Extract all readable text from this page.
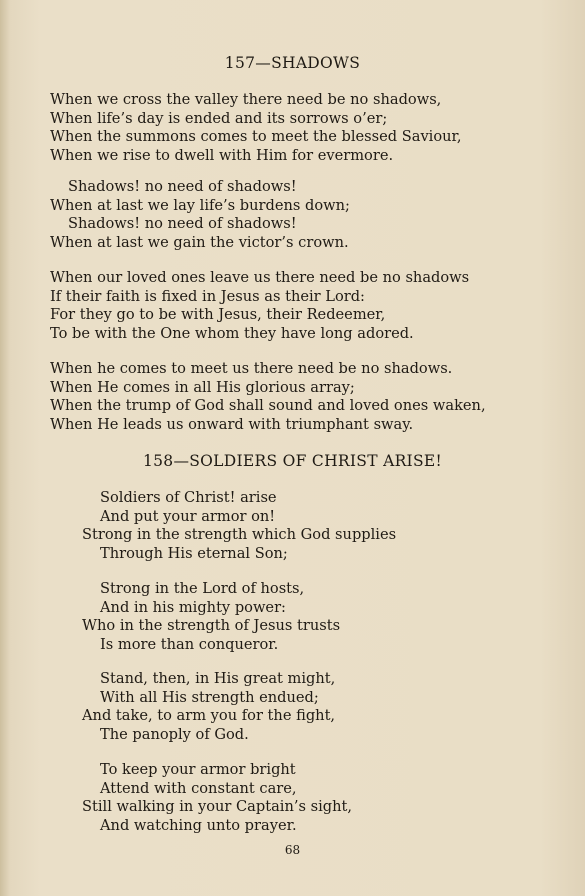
157—SHADOWS
When we cross the valley there need be no shadows,
When life’s day is ended and its sorrows o’er;
When the summons comes to meet the blessed Saviour,
When we rise to dwell with Him for evermore.
Shadows! no need of shadows!
When at last we lay life’s burdens down;
Shadows! no need of shadows!
When at last we gain the victor’s crown.
When our loved ones leave us there need be no shadows
If their faith is fixed in Jesus as their Lord:
For they go to be with Jesus, their Redeemer,
To be with the One whom they have long adored.
When he comes to meet us there need be no shadows.
When He comes in all His glorious array;
When the trump of God shall sound and loved ones waken,
When He leads us onward with triumphant sway.
158—SOLDIERS OF CHRIST ARISE!
Soldiers of Christ! arise
And put your armor on!
Strong in the strength which God supplies
Through His eternal Son;
Strong in the Lord of hosts,
And in his mighty power:
Who in the strength of Jesus trusts
Is more than conqueror.
Stand, then, in His great might,
With all His strength endued;
And take, to arm you for the fight,
The panoply of God.
To keep your armor bright
Attend with constant care,
Still walking in your Captain’s sight,
And watching unto prayer.
68
